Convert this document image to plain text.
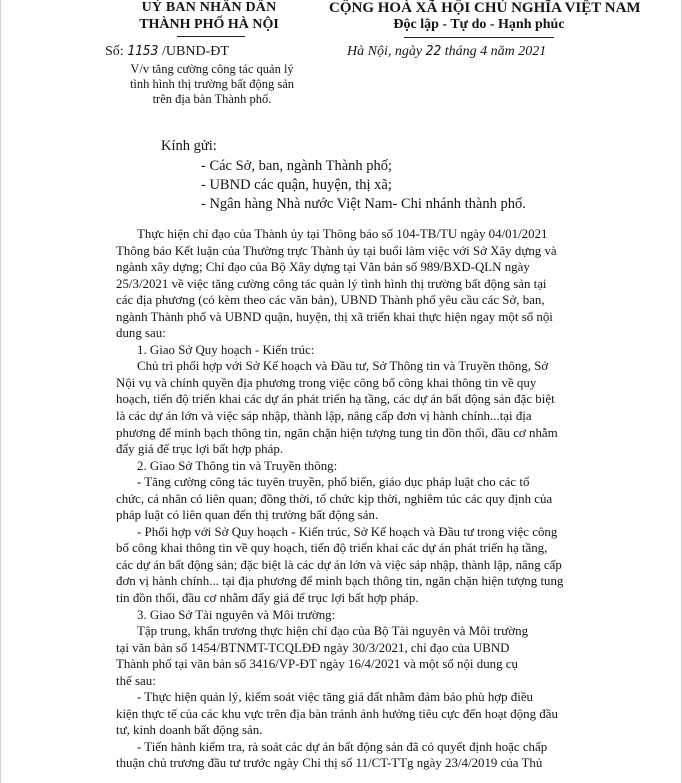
UỶ BAN NHÂN DÂN
THÀNH PHỐ HÀ NỘI
CỘNG HOÀ XÃ HỘI CHỦ NGHĨA VIỆT NAM
Độc lập - Tự do - Hạnh phúc
Số: 1153 /UBND-ĐT	Hà Nội, ngày 22 tháng 4 năm 2021
V/v tăng cường công tác quản lý
tình hình thị trường bất động sản
trên địa bàn Thành phố.
Kính gửi:
- Các Sở, ban, ngành Thành phố;
- UBND các quận, huyện, thị xã;
- Ngân hàng Nhà nước Việt Nam- Chi nhánh thành phố.
Thực hiện chỉ đạo của Thành ủy tại Thông báo số 104-TB/TU ngày 04/01/2021
Thông báo Kết luận của Thường trực Thành ủy tại buổi làm việc với Sở Xây dựng và
ngành xây dựng; Chỉ đạo của Bộ Xây dựng tại Văn bản số 989/BXD-QLN ngày
25/3/2021 về việc tăng cường công tác quản lý tình hình thị trường bất động sản tại
các địa phương (có kèm theo các văn bản), UBND Thành phố yêu cầu các Sở, ban,
ngành Thành phố và UBND quận, huyện, thị xã triển khai thực hiện ngay một số nội
dung sau:
1. Giao Sở Quy hoạch - Kiến trúc:
Chủ trì phối hợp với Sở Kế hoạch và Đầu tư, Sở Thông tin và Truyền thông, Sở
Nội vụ và chính quyền địa phương trong việc công bố công khai thông tin về quy
hoạch, tiến độ triển khai các dự án phát triển hạ tầng, các dự án bất động sản đặc biệt
là các dự án lớn và việc sáp nhập, thành lập, nâng cấp đơn vị hành chính...tại địa
phương để minh bạch thông tin, ngăn chặn hiện tượng tung tin đồn thổi, đầu cơ nhằm
đẩy giá để trục lợi bất hợp pháp.
2. Giao Sở Thông tin và Truyền thông:
- Tăng cường công tác tuyên truyền, phổ biến, giáo dục pháp luật cho các tổ
chức, cá nhân có liên quan; đồng thời, tổ chức kịp thời, nghiêm túc các quy định của
pháp luật có liên quan đến thị trường bất động sản.
- Phối hợp với Sở Quy hoạch - Kiến trúc, Sở Kế hoạch và Đầu tư trong việc công
bố công khai thông tin về quy hoạch, tiến độ triển khai các dự án phát triển hạ tầng,
các dự án bất động sản; đặc biệt là các dự án lớn và việc sáp nhập, thành lập, nâng cấp
đơn vị hành chính... tại địa phương để minh bạch thông tin, ngăn chặn hiện tượng tung
tin đồn thổi, đầu cơ nhằm đẩy giá để trục lợi bất hợp pháp.
3. Giao Sở Tài nguyên và Môi trường:
Tập trung, khẩn trương thực hiện chỉ đạo của Bộ Tài nguyên và Môi trường
tại văn bản số 1454/BTNMT-TCQLĐĐ ngày 30/3/2021, chỉ đạo của UBND
Thành phố tại văn bản số 3416/VP-ĐT ngày 16/4/2021 và một số nội dung cụ
thể sau:
- Thực hiện quản lý, kiểm soát việc tăng giá đất nhằm đảm bảo phù hợp điều
kiện thực tế của các khu vực trên địa bàn tránh ảnh hưởng tiêu cực đến hoạt động đầu
tư, kinh doanh bất động sản.
- Tiến hành kiểm tra, rà soát các dự án bất động sản đã có quyết định hoặc chấp
thuận chủ trương đầu tư trước ngày Chỉ thị số 11/CT-TTg ngày 23/4/2019 của Thủ
